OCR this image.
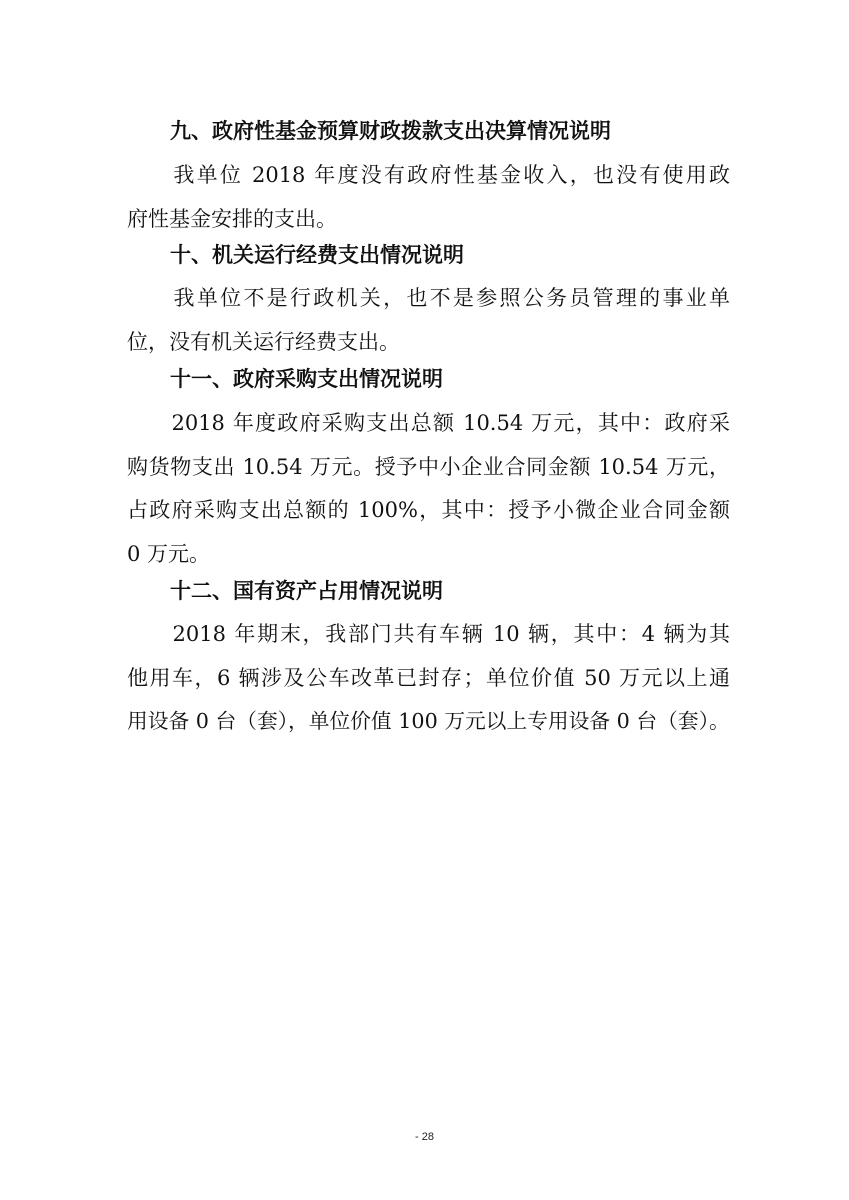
九、政府性基金预算财政拨款支出决算情况说明
　　我单位 2018 年度没有政府性基金收入，也没有使用政
府性基金安排的支出。
十、机关运行经费支出情况说明
　　我单位不是行政机关，也不是参照公务员管理的事业单
位，没有机关运行经费支出。
十一、政府采购支出情况说明
　　2018 年度政府采购支出总额 10.54 万元，其中：政府采
购货物支出 10.54 万元。授予中小企业合同金额 10.54 万元，
占政府采购支出总额的 100%，其中：授予小微企业合同金额
0 万元。
十二、国有资产占用情况说明
　　2018 年期末，我部门共有车辆 10 辆，其中：4 辆为其
他用车，6 辆涉及公车改革已封存；单位价值 50 万元以上通
用设备 0 台（套），单位价值 100 万元以上专用设备 0 台（套）。
- 28
